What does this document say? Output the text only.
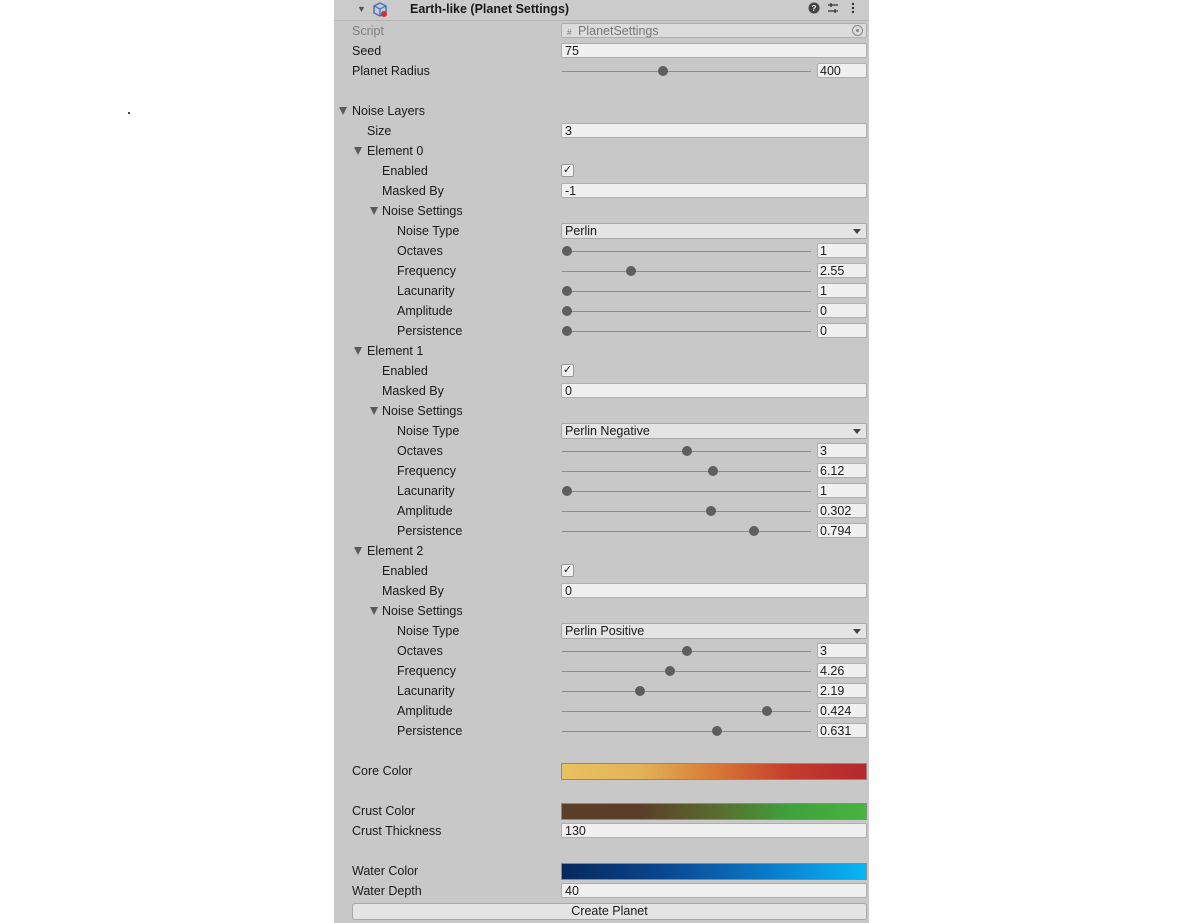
▼	Earth-like (Planet Settings)	?
Script	# PlanetSettings
Seed	75
Planet Radius	400
Noise Layers
Size	3
Element 0
Enabled	✓
Masked By	-1
Noise Settings
Noise Type	Perlin
Octaves	1
Frequency	2.55
Lacunarity	1
Amplitude	0
Persistence	0
Element 1
Enabled	✓
Masked By	0
Noise Settings
Noise Type	Perlin Negative
Octaves	3
Frequency	6.12
Lacunarity	1
Amplitude	0.302
Persistence	0.794
Element 2
Enabled	✓
Masked By	0
Noise Settings
Noise Type	Perlin Positive
Octaves	3
Frequency	4.26
Lacunarity	2.19
Amplitude	0.424
Persistence	0.631
Core Color
Crust Color
Crust Thickness	130
Water Color
Water Depth	40
Create Planet
